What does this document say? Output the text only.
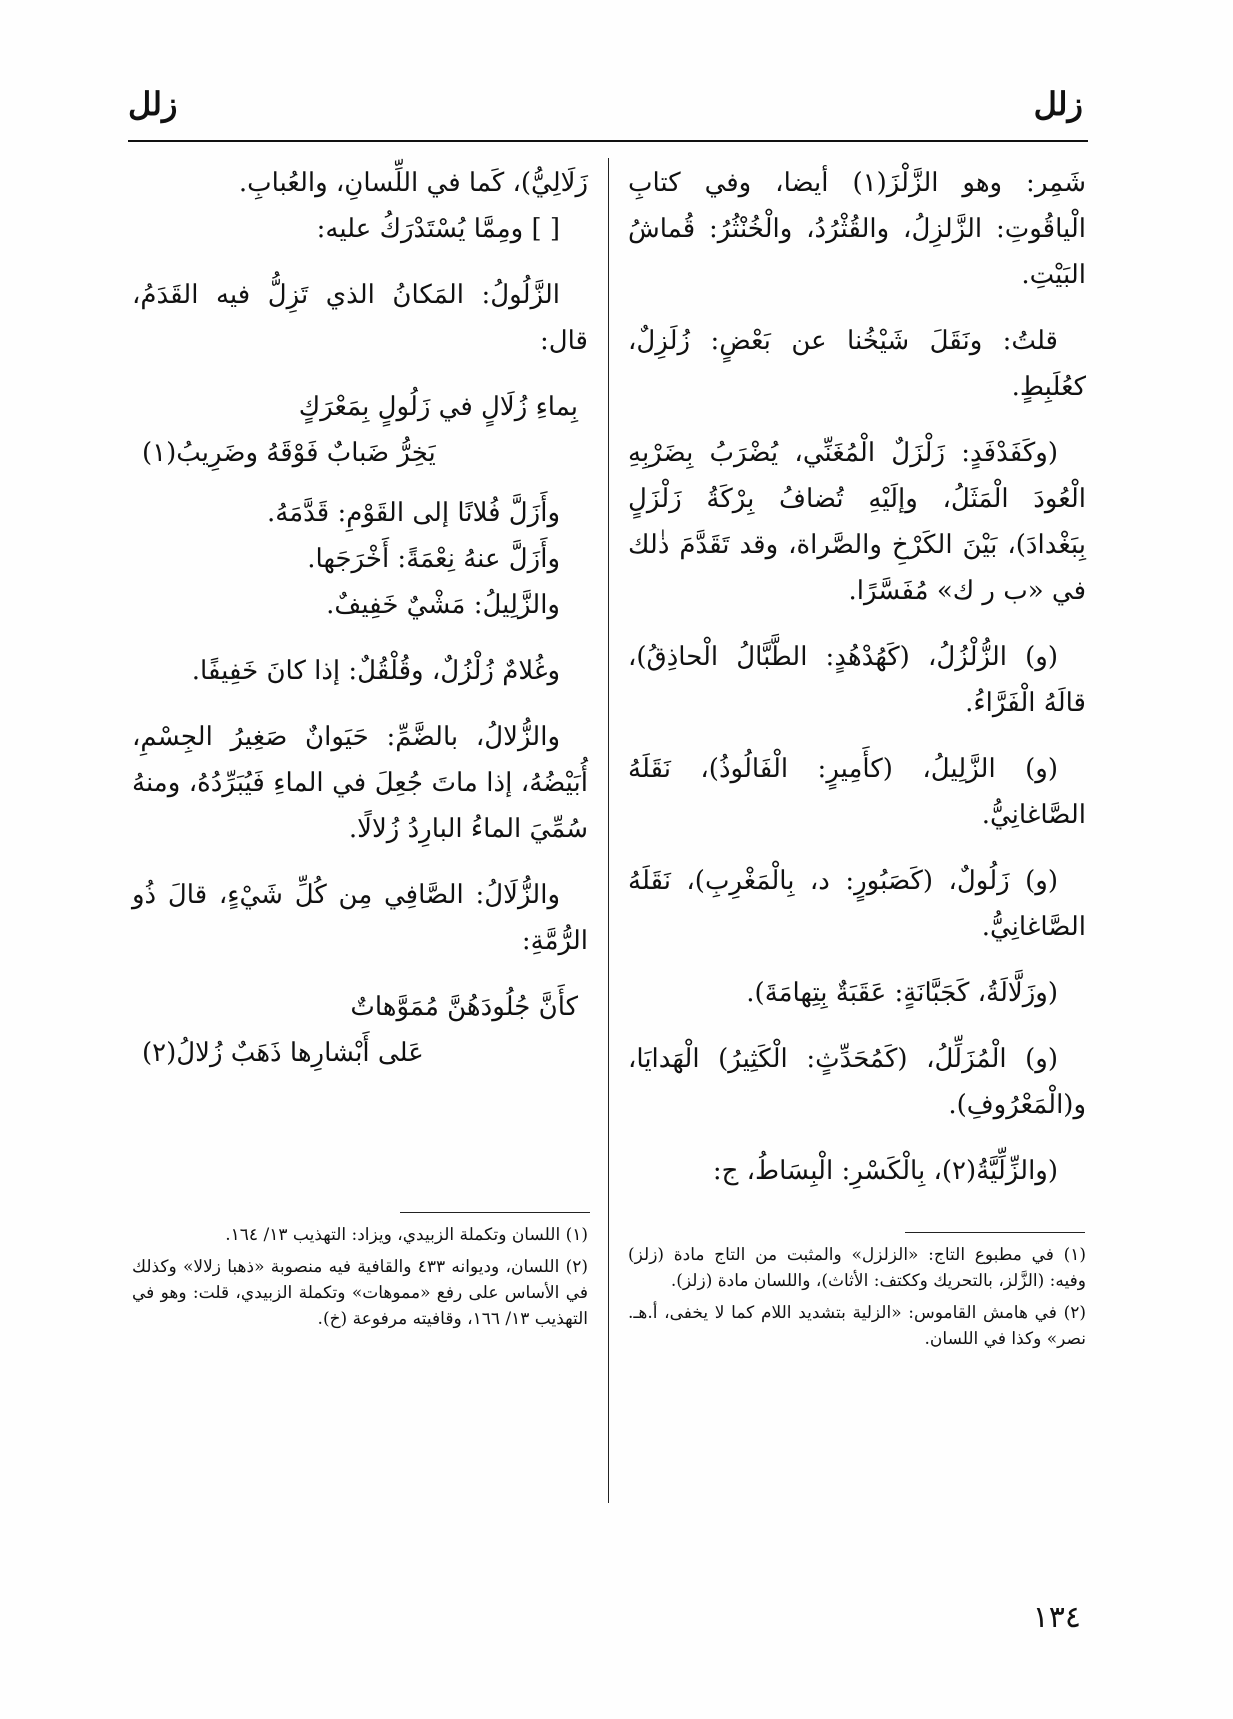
زلل
زلل

شَمِر: وهو الزَّلْزَ(١) أيضا، وفي كتابِ الْياقُوتِ: الزَّلزِلُ، والقُثْرُدُ، والْخُنْثُرُ: قُماشُ البَيْتِ.

قلتُ: ونَقَلَ شَيْخُنا عن بَعْضٍ: زُلَزِلٌ، كعُلَبِطٍ.

(وكَفَدْفَدٍ: زَلْزَلٌ الْمُغَنِّي، يُضْرَبُ بِضَرْبِهِ الْعُودَ الْمَثَلُ، وإلَيْهِ تُضافُ بِرْكَةُ زَلْزَلٍ بِبَغْدادَ)، بَيْنَ الكَرْخِ والصَّراة، وقد تَقَدَّمَ ذٰلك في «ب ر ك» مُفَسَّرًا.

(و) الزُّلْزُلُ، (كَهُدْهُدٍ: الطَّبَّالُ الْحاذِقُ)، قالَهُ الْفَرَّاءُ.

(و) الزَّلِيلُ، (كأَمِيرٍ: الْفَالُوذُ)، نَقَلَهُ الصَّاغانِيُّ.

(و) زَلُولٌ، (كَصَبُورٍ: د، بِالْمَغْرِبِ)، نَقَلَهُ الصَّاغانِيُّ.

(وزَلَّالَةُ، كَجَبَّانَةٍ: عَقَبَةٌ بِتِهامَةَ).

(و) الْمُزَلِّلُ، (كَمُحَدِّثٍ: الْكَثِيرُ) الْهَدايَا، و(الْمَعْرُوفِ).

(والزِّلِّيَّةُ(٢)، بِالْكَسْرِ: الْبِسَاطُ، ج:

زَلَالِيُّ)، كَما في اللِّسانِ، والعُبابِ.

[ ] ومِمَّا يُسْتَدْرَكُ عليه:

الزَّلُولُ: المَكانُ الذي تَزِلُّ فيه القَدَمُ، قال:

بِماءِ زُلَالٍ في زَلُولٍ بِمَعْرَكٍ
يَخِرُّ ضَبابٌ فَوْقَهُ وضَرِيبُ(١)

وأَزَلَّ فُلانًا إلى القَوْمِ: قَدَّمَهُ.

وأَزَلَّ عنهُ نِعْمَةً: أَخْرَجَها.

والزَّلِيلُ: مَشْيٌ خَفِيفٌ.

وغُلامٌ زُلْزُلٌ، وقُلْقُلٌ: إذا كانَ خَفِيفًا.

والزُّلالُ، بالضَّمِّ: حَيَوانٌ صَغِيرُ الجِسْمِ، أُبَيْضُهُ، إذا ماتَ جُعِلَ في الماءِ فَيُبَرِّدُهُ، ومنهُ سُمِّيَ الماءُ البارِدُ زُلالًا.

والزُّلَالُ: الصَّافِي مِن كُلِّ شَيْءٍ، قالَ ذُو الرُّمَّةِ:

كأَنَّ جُلُودَهُنَّ مُمَوَّهاتٌ
عَلى أَبْشارِها ذَهَبٌ زُلالُ(٢)
(١) في مطبوع التاج: «الزلزل» والمثبت من التاج مادة (زلز) وفيه: (الزَّلز، بالتحريك وككتف: الأثاث)، واللسان مادة (زلز).
(٢) في هامش القاموس: «الزلية بتشديد اللام كما لا يخفى، أ.هـ. نصر» وكذا في اللسان.
(١) اللسان وتكملة الزبيدي، ويزاد: التهذيب ١٣/ ١٦٤.
(٢) اللسان، وديوانه ٤٣٣ والقافية فيه منصوبة «ذهبا زلالا» وكذلك في الأساس على رفع «مموهات» وتكملة الزبيدي، قلت: وهو في التهذيب ١٣/ ١٦٦، وقافيته مرفوعة (خ).
١٣٤
